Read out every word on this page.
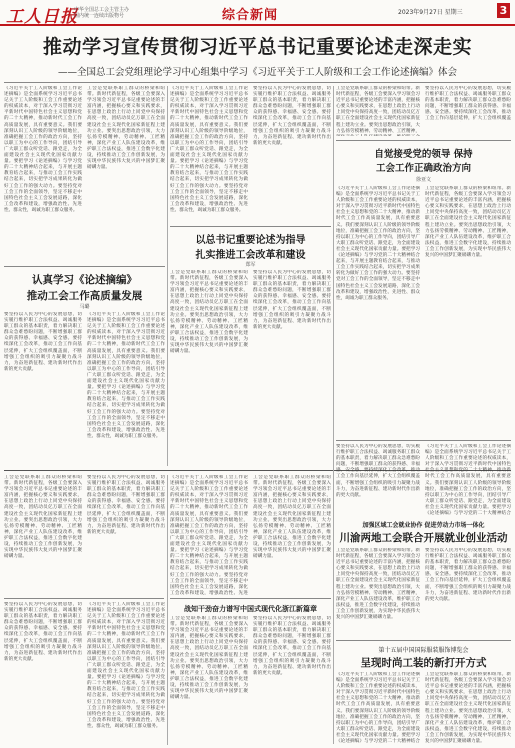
工人日报
中华全国总工会主管主办 国内统一连续出版物号	综合新闻	2023年9月27日 星期三	3
推动学习宣传贯彻习近平总书记重要论述走深走实
——全国总工会党组理论学习中心组集中学习《习近平关于工人阶级和工会工作论述摘编》体会
《习近平关于工人阶级和工会工作论述摘编》是全面系统学习习近平总书记关于工人阶级和工会工作重要论述的权威读本，对于深入学习贯彻习近平新时代中国特色社会主义思想和党的二十大精神，推动新时代工会工作高质量发展，具有重要意义。我们要深刻认识工人阶级的领导阶级地位，准确把握工会工作的政治方向，坚持以职工为中心的工作导向，团结引导广大职工群众听党话、跟党走，为全面建设社会主义现代化国家贡献力量。要把学习《论述摘编》与学习党的二十大精神结合起来，与开展主题教育结合起来，与推动工会工作实践结合起来，切实把学习成果转化为做好工会工作的强大动力。要坚持党对工会工作的全面领导，坚定不移走中国特色社会主义工会发展道路，深化工会改革和建设，增强政治性、先进性、群众性，竭诚为职工群众服务。
工会是党联系职工群众的桥梁和纽带。新时代新征程，各级工会要深入学习领会习近平总书记重要论述的丰富内涵，把握核心要义和实践要求，在思想上政治上行动上同党中央保持高度一致，团结动员亿万职工在全面建设社会主义现代化国家新征程上建功立业。要突出思想政治引领，大力弘扬劳模精神、劳动精神、工匠精神，深化产业工人队伍建设改革，维护职工合法权益，推进工会数字化建设，持续推动工会工作创新发展，为实现中华民族伟大复兴的中国梦汇聚磅礴力量。
《习近平关于工人阶级和工会工作论述摘编》是全面系统学习习近平总书记关于工人阶级和工会工作重要论述的权威读本，对于深入学习贯彻习近平新时代中国特色社会主义思想和党的二十大精神，推动新时代工会工作高质量发展，具有重要意义。我们要深刻认识工人阶级的领导阶级地位，准确把握工会工作的政治方向，坚持以职工为中心的工作导向，团结引导广大职工群众听党话、跟党走，为全面建设社会主义现代化国家贡献力量。要把学习《论述摘编》与学习党的二十大精神结合起来，与开展主题教育结合起来，与推动工会工作实践结合起来，切实把学习成果转化为做好工会工作的强大动力。要坚持党对工会工作的全面领导，坚定不移走中国特色社会主义工会发展道路，深化工会改革和建设，增强政治性、先进性、群众性，竭诚为职工群众服务。
要坚持以人民为中心的发展思想，切实履行维护职工合法权益、竭诚服务职工群众的基本职责，着力解决职工群众急难愁盼问题，不断增强职工群众的获得感、幸福感、安全感。要持续深化工会改革，推动工会工作向基层延伸，扩大工会组织覆盖面，不断增强工会组织的吸引力凝聚力战斗力，为奋进新征程、建功新时代作出新的更大贡献。
工会是党联系职工群众的桥梁和纽带。新时代新征程，各级工会要深入学习领会习近平总书记重要论述的丰富内涵，把握核心要义和实践要求，在思想上政治上行动上同党中央保持高度一致，团结动员亿万职工在全面建设社会主义现代化国家新征程上建功立业。要突出思想政治引领，大力弘扬劳模精神、劳动精神、工匠精神，
要坚持以人民为中心的发展思想，切实履行维护职工合法权益、竭诚服务职工群众的基本职责，着力解决职工群众急难愁盼问题，不断增强职工群众的获得感、幸福感、安全感。要持续深化工会改革，推动工会工作向基层延伸，扩大工会组织覆盖
自觉接受党的领导 保持
工会工作正确政治方向
徐亚文
《习近平关于工人阶级和工会工作论述摘编》是全面系统学习习近平总书记关于工人阶级和工会工作重要论述的权威读本，对于深入学习贯彻习近平新时代中国特色社会主义思想和党的二十大精神，推动新时代工会工作高质量发展，具有重要意义。我们要深刻认识工人阶级的领导阶级地位，准确把握工会工作的政治方向，坚持以职工为中心的工作导向，团结引导广大职工群众听党话、跟党走，为全面建设社会主义现代化国家贡献力量。要把学习《论述摘编》与学习党的二十大精神结合起来，与开展主题教育结合起来，与推动工会工作实践结合起来，切实把学习成果转化为做好工会工作的强大动力。要坚持党对工会工作的全面领导，坚定不移走中国特色社会主义工会发展道路，深化工会改革和建设，增强政治性、先进性、群众性，竭诚为职工群众服务。
工会是党联系职工群众的桥梁和纽带。新时代新征程，各级工会要深入学习领会习近平总书记重要论述的丰富内涵，把握核心要义和实践要求，在思想上政治上行动上同党中央保持高度一致，团结动员亿万职工在全面建设社会主义现代化国家新征程上建功立业。要突出思想政治引领，大力弘扬劳模精神、劳动精神、工匠精神，深化产业工人队伍建设改革，维护职工合法权益，推进工会数字化建设，持续推动工会工作创新发展，为实现中华民族伟大复兴的中国梦汇聚磅礴力量。
以总书记重要论述为指导
扎实推进工会改革和建设
郑军
工会是党联系职工群众的桥梁和纽带。新时代新征程，各级工会要深入学习领会习近平总书记重要论述的丰富内涵，把握核心要义和实践要求，在思想上政治上行动上同党中央保持高度一致，团结动员亿万职工在全面建设社会主义现代化国家新征程上建功立业。要突出思想政治引领，大力弘扬劳模精神、劳动精神、工匠精神，深化产业工人队伍建设改革，维护职工合法权益，推进工会数字化建设，持续推动工会工作创新发展，为实现中华民族伟大复兴的中国梦汇聚磅礴力量。
要坚持以人民为中心的发展思想，切实履行维护职工合法权益、竭诚服务职工群众的基本职责，着力解决职工群众急难愁盼问题，不断增强职工群众的获得感、幸福感、安全感。要持续深化工会改革，推动工会工作向基层延伸，扩大工会组织覆盖面，不断增强工会组织的吸引力凝聚力战斗力，为奋进新征程、建功新时代作出新的更大贡献。
认真学习《论述摘编》
推动工会工作高质量发展
马璐
要坚持以人民为中心的发展思想，切实履行维护职工合法权益、竭诚服务职工群众的基本职责，着力解决职工群众急难愁盼问题，不断增强职工群众的获得感、幸福感、安全感。要持续深化工会改革，推动工会工作向基层延伸，扩大工会组织覆盖面，不断增强工会组织的吸引力凝聚力战斗力，为奋进新征程、建功新时代作出新的更大贡献。
《习近平关于工人阶级和工会工作论述摘编》是全面系统学习习近平总书记关于工人阶级和工会工作重要论述的权威读本，对于深入学习贯彻习近平新时代中国特色社会主义思想和党的二十大精神，推动新时代工会工作高质量发展，具有重要意义。我们要深刻认识工人阶级的领导阶级地位，准确把握工会工作的政治方向，坚持以职工为中心的工作导向，团结引导广大职工群众听党话、跟党走，为全面建设社会主义现代化国家贡献力量。要把学习《论述摘编》与学习党的二十大精神结合起来，与开展主题教育结合起来，与推动工会工作实践结合起来，切实把学习成果转化为做好工会工作的强大动力。要坚持党对工会工作的全面领导，坚定不移走中国特色社会主义工会发展道路，深化工会改革和建设，增强政治性、先进性、群众性，竭诚为职工群众服务。
工会是党联系职工群众的桥梁和纽带。新时代新征程，各级工会要深入学习领会习近平总书记重要论述的丰富内涵，把握核心要义和实践要求，在思想上政治上行动上同党中央保持高度一致，团结动员亿万职工在全面建设社会主义现代化国家新征程上建功立业。要突出思想政治引领，大力弘扬劳模精神、劳动精神、工匠精神，深化产业工人队伍建设改革，维护职工合法权益，推进工会数字化建设，持续推动工会工作创新发展，为实现中华民族伟大复兴的中国梦汇聚磅礴力量。
要坚持以人民为中心的发展思想，切实履行维护职工合法权益、竭诚服务职工群众的基本职责，着力解决职工群众急难愁盼问题，不断增强职工群众的获得感、幸福感、安全感。要持续深化工会改革，推动工会工作向基层延伸，扩大工会组织覆盖面，不断增强工会组织的吸引力凝聚力战斗力，为奋进新征程、建功新时代作出新的更大贡献。
《习近平关于工人阶级和工会工作论述摘编》是全面系统学习习近平总书记关于工人阶级和工会工作重要论述的权威读本，对于深入学习贯彻习近平新时代中国特色社会主义思想和党的二十大精神，推动新时代工会工作高质量发展，具有重要意义。我们要深刻认识工人阶级的领导阶级地位，准确把握工会工作的政治方向，坚持以职工为中心的工作导向，团结引导广大职工群众听党话、跟党走，为全面建设社会主义现代化国家贡献力量。要把学习《论述摘编》与学习党的二十大精神结合起来，与开展主题教育结合起来，与推动工会工作实践结合起来，切实把学习成果转化为做好工会工作的强大动力。要坚持党对工会工作的全面领导，坚定不移走中国特色社会主义工会发展道路，深化工会改革和建设，增强政治性、先进
工会是党联系职工群众的桥梁和纽带。新时代新征程，各级工会要深入学习领会习近平总书记重要论述的丰富内涵，把握核心要义和实践要求，在思想上政治上行动上同党中央保持高度一致，团结动员亿万职工在全面建设社会主义现代化国家新征程上建功立业。要突出思想政治引领，大力弘扬劳模精神、劳动精神、工匠精神，深化产业工人队伍建设改革，维护职工合法权益，推进工会数字化建设，持续推动工会工作创新发展，为实现中华民族伟大复兴的中国梦汇聚磅礴力量。
要坚持以人民为中心的发展思想，切实履行维护职工合法权益、竭诚服务职工群众的基本职责，着力解决职工群众急难愁盼问题，不断增强职工群众的获得感、幸福感、安全感。要持续深化工会改革，推动工会工作向基层延伸，扩大工会组织覆盖面，不断增强工会组织的吸引力凝聚力战斗力，为奋进新征程、建功新时代作出新的更大贡献。
《习近平关于工人阶级和工会工作论述摘编》是全面系统学习习近平总书记关于工人阶级和工会工作重要论述的权威读本，对于深入学习贯彻习近平新时代中国特色社会主义思想和党的二十大精神，推动新时代工会工作高质量发展，具有重要意义。我们要深刻认识工人阶级的领导阶级地位，准确把握工会工作的政治方向，坚持以职工为中心的工作导向，团结引导广大职工群众听党话、跟党走，为全面建设社会主义现代化国家贡献力量。要把学习《论述摘编》与学习党的二十大精神结合起来，与开展主题教育结合起来，与推动工会工作实践结合起来，切实把学习成果转化为做好工会工作的强大动力。要坚持党对工会工作的全面领导，坚定不移走中国特色社会主义工会发展道路，深化工会改革和建设，增强政治性、先进性、群众性，竭诚为职工群众服务。
战知干劲奋力谱写中国式现代化浙江新篇章
工会是党联系职工群众的桥梁和纽带。新时代新征程，各级工会要深入学习领会习近平总书记重要论述的丰富内涵，把握核心要义和实践要求，在思想上政治上行动上同党中央保持高度一致，团结动员亿万职工在全面建设社会主义现代化国家新征程上建功立业。要突出思想政治引领，大力弘扬劳模精神、劳动精神、工匠精神，深化产业工人队伍建设改革，维护职工合法权益，推进工会数字化建设，持续推动工会工作创新发展，为实现中华民族伟大复兴的中国梦汇聚磅礴力量。
要坚持以人民为中心的发展思想，切实履行维护职工合法权益、竭诚服务职工群众的基本职责，着力解决职工群众急难愁盼问题，不断增强职工群众的获得感、幸福感、安全感。要持续深化工会改革，推动工会工作向基层延伸，扩大工会组织覆盖面，不断增强工会组织的吸引力凝聚力战斗力，为奋进新征程、建功新时代作出新的更大贡献。
要坚持以人民为中心的发展思想，切实履行维护职工合法权益、竭诚服务职工群众的基本职责，着力解决职工群众急难愁盼问题，不断增强职工群众的获得感、幸福感、安全感。要持续深化工会改革，推动工会工作向基层延伸，扩大工会组织覆盖面，不断增强工会组织的吸引力凝聚力战斗力，为奋进新征程、建功新时代作出新的更大贡献。
《习近平关于工人阶级和工会工作论述摘编》是全面系统学习习近平总书记关于工人阶级和工会工作重要论述的权威读本，对于深入学习贯彻习近平新时代中国特色社会主义思想和党的二十大精神，推动新时代工会工作高质量发展，具有重要意义。我们要深刻认识工人阶级的领导阶级地位，准确把握工会工作的政治方向，坚持以职工为中心的工作导向，团结引导广大职工群众听党话、跟党走，为全面建设社会主义现代化国家贡献力量。要把学习《论述摘编》与学习党的二十大精神结合
加强区域工会就业协作 促进劳动力市场一体化
川渝两地工会联合开展就业创业活动
工会是党联系职工群众的桥梁和纽带。新时代新征程，各级工会要深入学习领会习近平总书记重要论述的丰富内涵，把握核心要义和实践要求，在思想上政治上行动上同党中央保持高度一致，团结动员亿万职工在全面建设社会主义现代化国家新征程上建功立业。要突出思想政治引领，大力弘扬劳模精神、劳动精神、工匠精神，深化产业工人队伍建设改革，维护职工合法权益，推进工会数字化建设，持续推动工会工作创新发展，为实现中华民族伟大复兴的中国梦汇聚磅礴力量。
要坚持以人民为中心的发展思想，切实履行维护职工合法权益、竭诚服务职工群众的基本职责，着力解决职工群众急难愁盼问题，不断增强职工群众的获得感、幸福感、安全感。要持续深化工会改革，推动工会工作向基层延伸，扩大工会组织覆盖面，不断增强工会组织的吸引力凝聚力战斗力，为奋进新征程、建功新时代作出新的更大贡献。
第十五届中国国际服装服饰博览会
呈现时尚工装的新打开方式
《习近平关于工人阶级和工会工作论述摘编》是全面系统学习习近平总书记关于工人阶级和工会工作重要论述的权威读本，对于深入学习贯彻习近平新时代中国特色社会主义思想和党的二十大精神，推动新时代工会工作高质量发展，具有重要意义。我们要深刻认识工人阶级的领导阶级地位，准确把握工会工作的政治方向，坚持以职工为中心的工作导向，团结引导广大职工群众听党话、跟党走，为全面建设社会主义现代化国家贡献力量。要把学习《论述摘编》与学习党的二十大精神结合
工会是党联系职工群众的桥梁和纽带。新时代新征程，各级工会要深入学习领会习近平总书记重要论述的丰富内涵，把握核心要义和实践要求，在思想上政治上行动上同党中央保持高度一致，团结动员亿万职工在全面建设社会主义现代化国家新征程上建功立业。要突出思想政治引领，大力弘扬劳模精神、劳动精神、工匠精神，深化产业工人队伍建设改革，维护职工合法权益，推进工会数字化建设，持续推动工会工作创新发展，为实现中华民族伟大复兴的中国梦汇聚磅礴力量。
